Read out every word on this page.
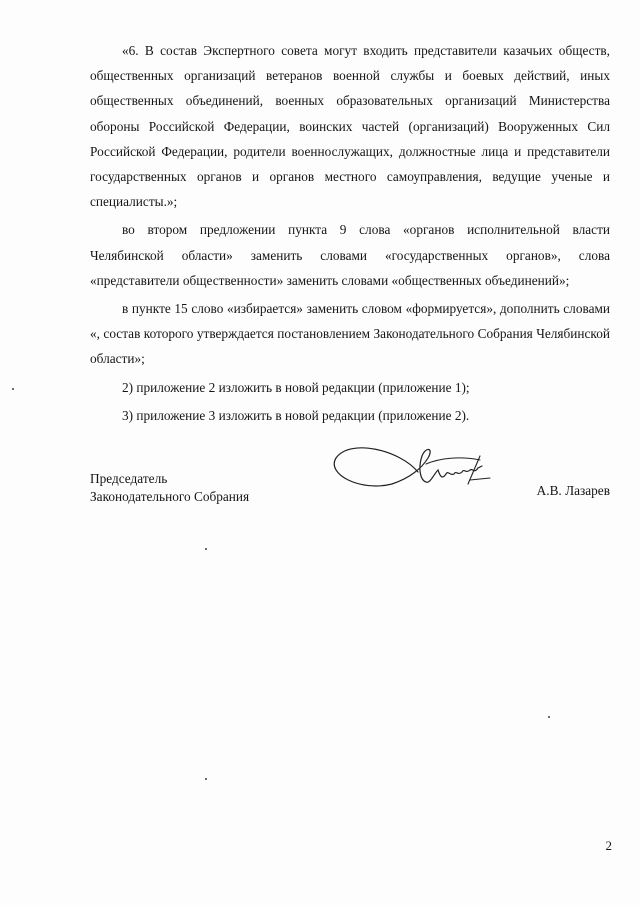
«6. В состав Экспертного совета могут входить представители казачьих обществ, общественных организаций ветеранов военной службы и боевых действий, иных общественных объединений, военных образовательных организаций Министерства обороны Российской Федерации, воинских частей (организаций) Вооруженных Сил Российской Федерации, родители военнослужащих, должностные лица и представители государственных органов и органов местного самоуправления, ведущие ученые и специалисты.»;

во втором предложении пункта 9 слова «органов исполнительной власти Челябинской области» заменить словами «государственных органов», слова «представители общественности» заменить словами «общественных объединений»;

в пункте 15 слово «избирается» заменить словом «формируется», дополнить словами «, состав которого утверждается постановлением Законодательного Собрания Челябинской области»;

2) приложение 2 изложить в новой редакции (приложение 1);

3) приложение 3 изложить в новой редакции (приложение 2).

Председатель
Законодательного Собрания	А.В. Лазарев
2
